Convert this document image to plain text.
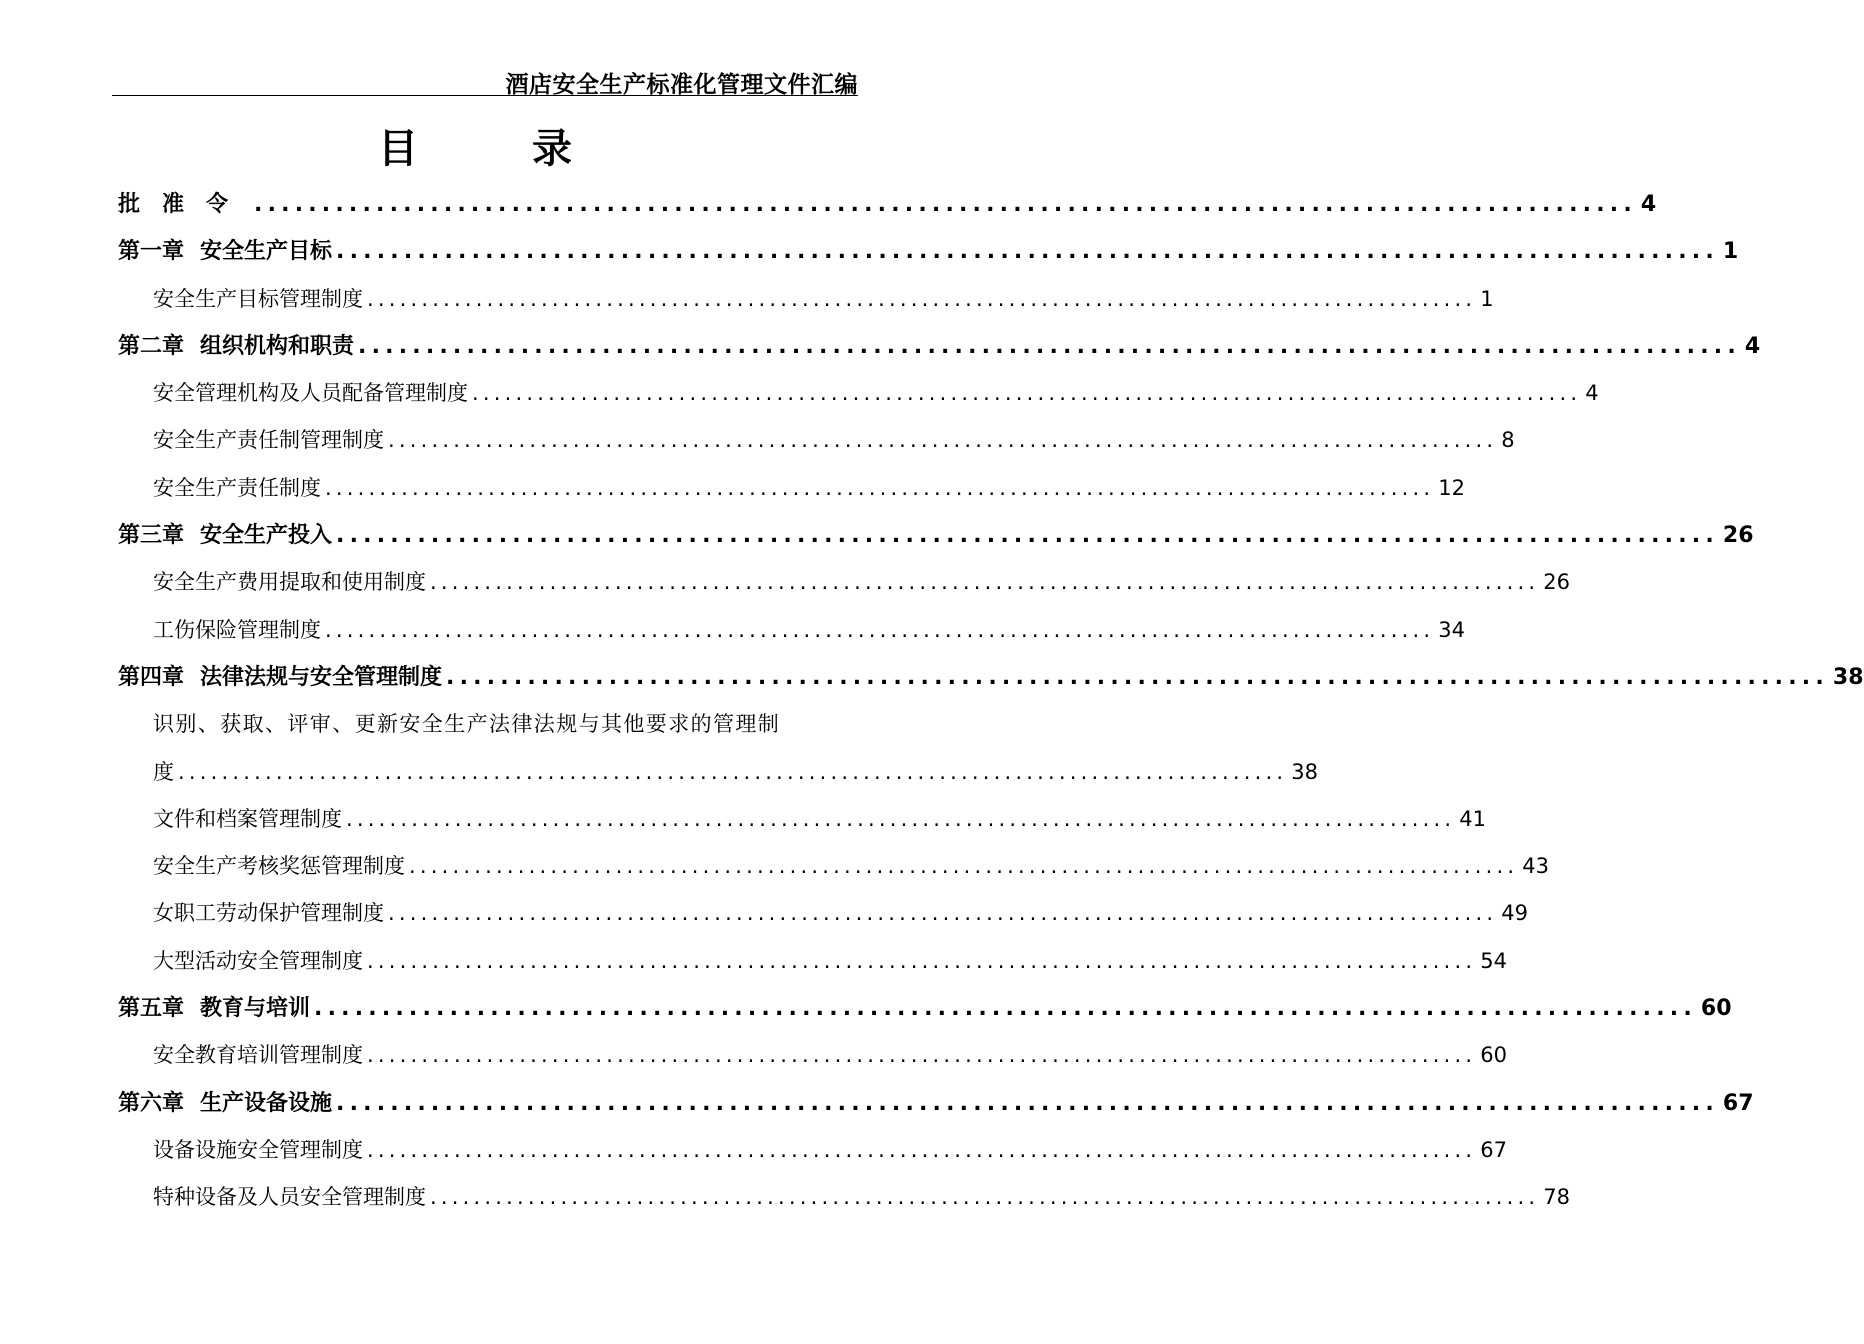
酒店安全生产标准化管理文件汇编
目 录
批准令 ...................................................................................................... 4
第一章 安全生产目标 ...................................................................................................... 1
安全生产目标管理制度 ...................................................................................................... 1
第二章 组织机构和职责 ...................................................................................................... 4
安全管理机构及人员配备管理制度 ...................................................................................................... 4
安全生产责任制管理制度 ...................................................................................................... 8
安全生产责任制度 ...................................................................................................... 12
第三章 安全生产投入 ...................................................................................................... 26
安全生产费用提取和使用制度 ...................................................................................................... 26
工伤保险管理制度 ...................................................................................................... 34
第四章 法律法规与安全管理制度 ...................................................................................................... 38
识别、获取、评审、更新安全生产法律法规与其他要求的管理制
度 ...................................................................................................... 38
文件和档案管理制度 ...................................................................................................... 41
安全生产考核奖惩管理制度 ...................................................................................................... 43
女职工劳动保护管理制度 ...................................................................................................... 49
大型活动安全管理制度 ...................................................................................................... 54
第五章 教育与培训 ...................................................................................................... 60
安全教育培训管理制度 ...................................................................................................... 60
第六章 生产设备设施 ...................................................................................................... 67
设备设施安全管理制度 ...................................................................................................... 67
特种设备及人员安全管理制度 ...................................................................................................... 78
